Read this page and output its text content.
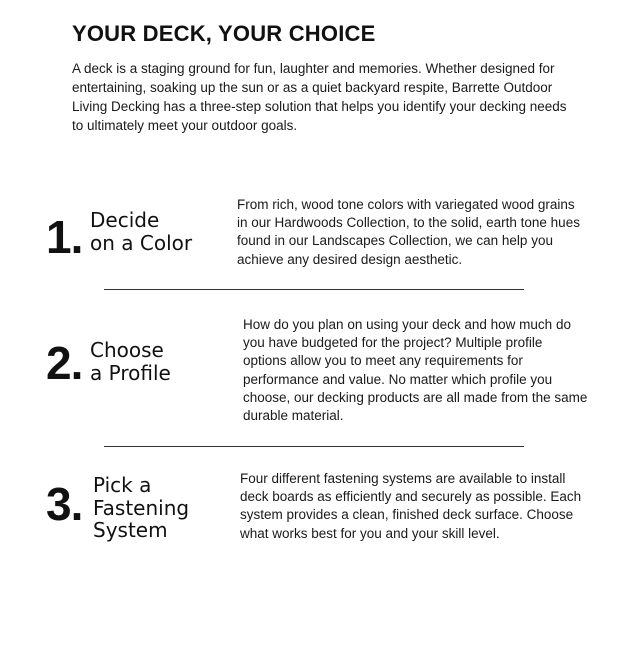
YOUR DECK, YOUR CHOICE

A deck is a staging ground for fun, laughter and memories. Whether designed for entertaining, soaking up the sun or as a quiet backyard respite, Barrette Outdoor Living Decking has a three-step solution that helps you identify your decking needs to ultimately meet your outdoor goals.

1. Decide
on a Color

From rich, wood tone colors with variegated wood grains in our Hardwoods Collection, to the solid, earth tone hues found in our Landscapes Collection, we can help you achieve any desired design aesthetic.

2. Choose
a Profile

How do you plan on using your deck and how much do you have budgeted for the project? Multiple profile options allow you to meet any requirements for performance and value. No matter which profile you choose, our decking products are all made from the same durable material.

3. Pick a
Fastening
System

Four different fastening systems are available to install deck boards as efficiently and securely as possible. Each system provides a clean, finished deck surface. Choose what works best for you and your skill level.
